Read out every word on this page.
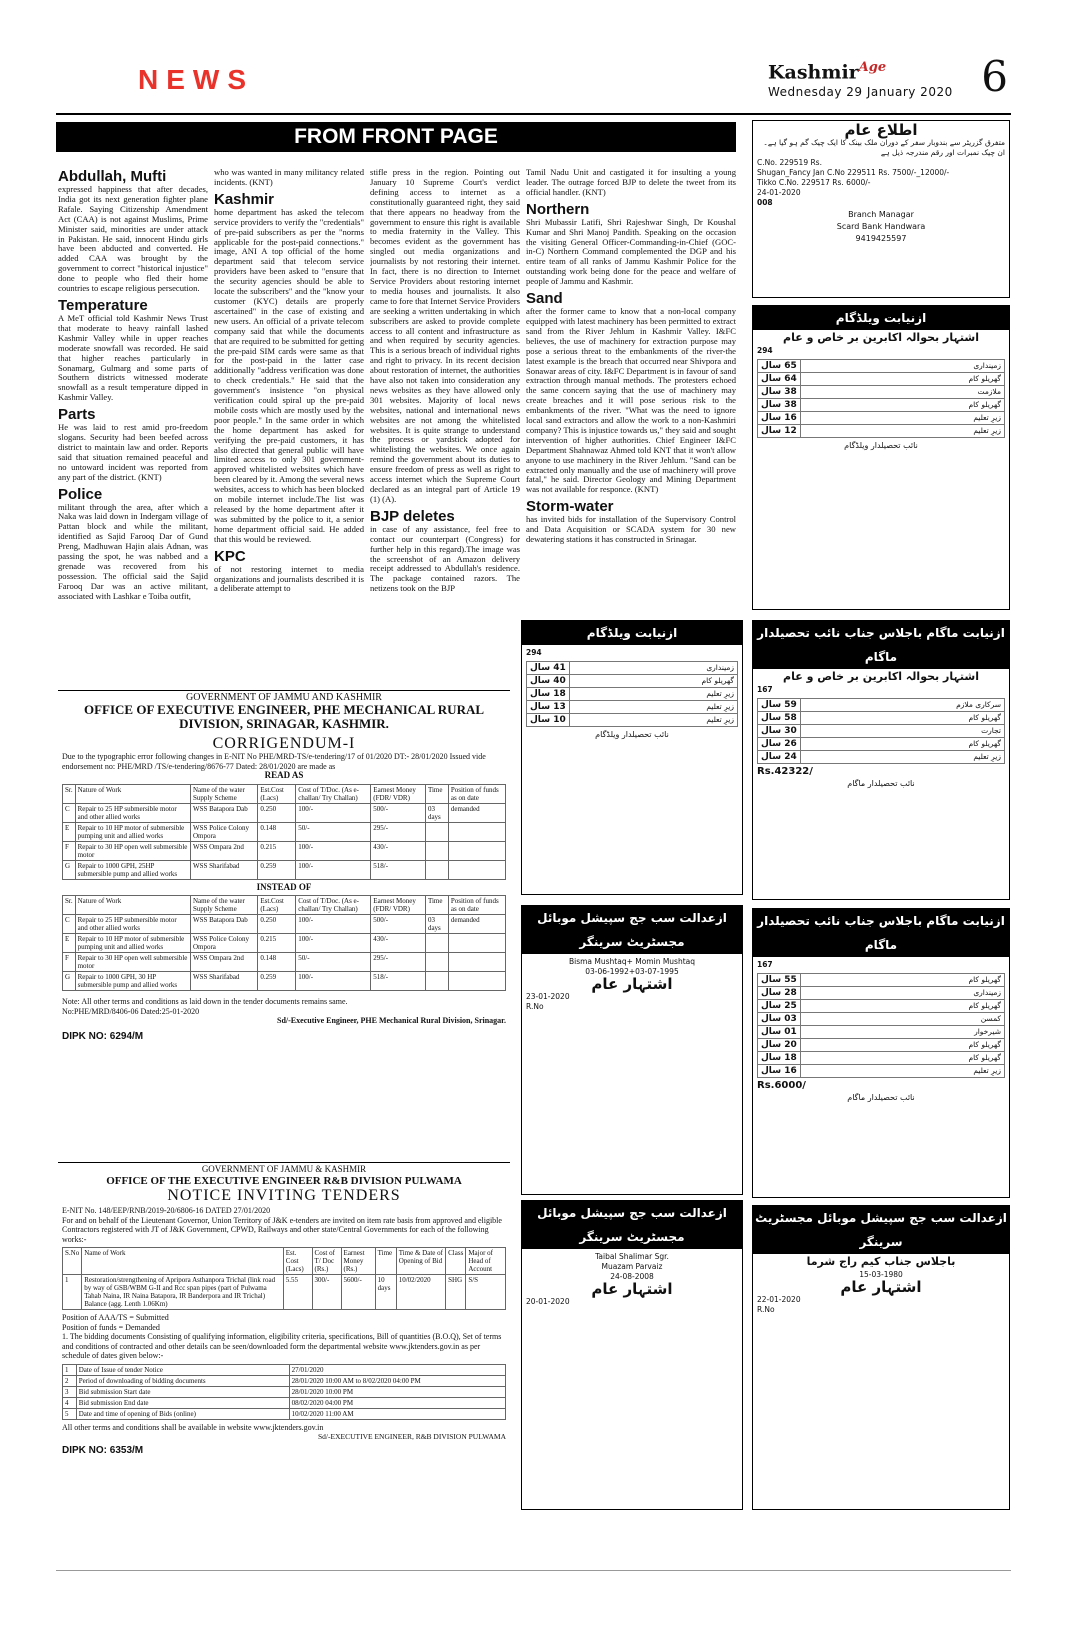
NEWS	Kashmir$^{Age}$
Wednesday 29 January 2020 6
FROM FRONT PAGE
Abdullah, Mufti

expressed happiness that after decades, India got its next generation fighter plane Rafale. Saying Citizenship Amendment Act (CAA) is not against Muslims, Prime Minister said, minorities are under attack in Pakistan. He said, innocent Hindu girls have been abducted and converted. He added CAA was brought by the government to correct "historical injustice" done to people who fled their home countries to escape religious persecution.

Temperature

A MeT official told Kashmir News Trust that moderate to heavy rainfall lashed Kashmir Valley while in upper reaches moderate snowfall was recorded. He said that higher reaches particularly in Sonamarg, Gulmarg and some parts of Southern districts witnessed moderate snowfall as a result temperature dipped in Kashmir Valley.

Parts

He was laid to rest amid pro-freedom slogans. Security had been beefed across district to maintain law and order. Reports said that situation remained peaceful and no untoward incident was reported from any part of the district. (KNT)

Police

militant through the area, after which a Naka was laid down in Indergam village of Pattan block and while the militant, identified as Sajid Farooq Dar of Gund Preng, Madhuwan Hajin alais Adnan, was passing the spot, he was nabbed and a grenade was recovered from his possession. The official said the Sajid Farooq Dar was an active militant, associated with Lashkar e Toiba outfit,

who was wanted in many militancy related incidents. (KNT)

Kashmir

home department has asked the telecom service providers to verify the "credentials" of pre-paid subscribers as per the "norms applicable for the post-paid connections." image, ANI A top official of the home department said that telecom service providers have been asked to "ensure that the security agencies should be able to locate the subscribers" and the "know your customer (KYC) details are properly ascertained" in the case of existing and new users. An official of a private telecom company said that while the documents that are required to be submitted for getting the pre-paid SIM cards were same as that for the post-paid in the latter case additionally "address verification was done to check credentials." He said that the government's insistence "on physical verification could spiral up the pre-paid mobile costs which are mostly used by the poor people." In the same order in which the home department has asked for verifying the pre-paid customers, it has also directed that general public will have limited access to only 301 government-approved whitelisted websites which have been cleared by it. Among the several news websites, access to which has been blocked on mobile internet include.The list was released by the home department after it was submitted by the police to it, a senior home department official said. He added that this would be reviewed.

KPC

of not restoring internet to media organizations and journalists described it is a deliberate attempt to

stifle press in the region. Pointing out January 10 Supreme Court's verdict defining access to internet as a constitutionally guaranteed right, they said that there appears no headway from the government to ensure this right is available to media fraternity in the Valley. This becomes evident as the government has singled out media organizations and journalists by not restoring their internet. In fact, there is no direction to Internet Service Providers about restoring internet to media houses and journalists. It also came to fore that Internet Service Providers are seeking a written undertaking in which subscribers are asked to provide complete access to all content and infrastructure as and when required by security agencies. This is a serious breach of individual rights and right to privacy. In its recent decision about restoration of internet, the authorities have also not taken into consideration any news websites as they have allowed only 301 websites. Majority of local news websites, national and international news websites are not among the whitelisted websites. It is quite strange to understand the process or yardstick adopted for whitelisting the websites. We once again remind the government about its duties to ensure freedom of press as well as right to access internet which the Supreme Court declared as an integral part of Article 19 (1) (A).

BJP deletes

in case of any assistance, feel free to contact our counterpart (Congress) for further help in this regard).The image was the screenshot of an Amazon delivery receipt addressed to Abdullah's residence. The package contained razors. The netizens took on the BJP

Tamil Nadu Unit and castigated it for insulting a young leader. The outrage forced BJP to delete the tweet from its official handler. (KNT)

Northern

Shri Mubassir Latifi, Shri Rajeshwar Singh, Dr Koushal Kumar and Shri Manoj Pandith. Speaking on the occasion the visiting General Officer-Commanding-in-Chief (GOC-in-C) Northern Command complemented the DGP and his entire team of all ranks of Jammu Kashmir Police for the outstanding work being done for the peace and welfare of people of Jammu and Kashmir.

Sand

after the former came to know that a non-local company equipped with latest machinery has been permitted to extract sand from the River Jehlum in Kashmir Valley. I&FC believes, the use of machinery for extraction purpose may pose a serious threat to the embankments of the river-the latest example is the breach that occurred near Shivpora and Sonawar areas of city. I&FC Department is in favour of sand extraction through manual methods. The protesters echoed the same concern saying that the use of machinery may create breaches and it will pose serious risk to the embankments of the river. "What was the need to ignore local sand extractors and allow the work to a non-Kashmiri company? This is injustice towards us," they said and sought intervention of higher authorities. Chief Engineer I&FC Department Shahnawaz Ahmed told KNT that it won't allow anyone to use machinery in the River Jehlum. "Sand can be extracted only manually and the use of machinery will prove fatal," he said. Director Geology and Mining Department was not available for responce. (KNT)

Storm-water

has invited bids for installation of the Supervisory Control and Data Acquisition or SCADA system for 30 new dewatering stations it has constructed in Srinagar.

GOVERNMENT OF JAMMU AND KASHMIR
OFFICE OF EXECUTIVE ENGINEER, PHE MECHANICAL RURAL DIVISION, SRINAGAR, KASHMIR.
CORRIGENDUM-I
Due to the typographic error following changes in E-NIT No PHE/MRD-TS/e-tendering/17 of 01/2020 DT:- 28/01/2020 Issued vide endorsement no: PHE/MRD /TS/e-tendering/8676-77 Dated: 28/01/2020 are made as
READ AS
Sr.	Nature of Work	Name of the water Supply Scheme	Est.Cost (Lacs)	Cost of T/Doc. (As e-challan/ Try Challan)	Earnest Money (FDR/ VDR)	Time	Position of funds as on date
C	Repair to 25 HP submersible motor and other allied works	WSS Batapora Dab	0.250	100/-	500/-	03 days	demanded
E	Repair to 10 HP motor of submersible pumping unit and allied works	WSS Police Colony Ompora	0.148	50/-	295/-		
F	Repair to 30 HP open well submersible motor	WSS Ompara 2nd	0.215	100/-	430/-		
G	Repair to 1000 GPH, 25HP submersible pump and allied works	WSS Sharifabad	0.259	100/-	518/-		
INSTEAD OF
Sr.	Nature of Work	Name of the water Supply Scheme	Est.Cost (Lacs)	Cost of T/Doc. (As e-challan/ Try Challan)	Earnest Money (FDR/ VDR)	Time	Position of funds as on date
C	Repair to 25 HP submersible motor and other allied works	WSS Batapora Dab	0.250	100/-	500/-	03 days	demanded
E	Repair to 10 HP motor of submersible pumping unit and allied works	WSS Police Colony Ompora	0.215	100/-	430/-		
F	Repair to 30 HP open well submersible motor	WSS Ompara 2nd	0.148	50/-	295/-		
G	Repair to 1000 GPH, 30 HP submersible pump and allied works	WSS Sharifabad	0.259	100/-	518/-		
Note: All other terms and conditions as laid down in the tender documents remains same.
No:PHE/MRD/8406-06 Dated:25-01-2020
Sd/-Executive Engineer, PHE Mechanical Rural Division, Srinagar.
DIPK NO: 6294/M
GOVERNMENT OF JAMMU & KASHMIR
OFFICE OF THE EXECUTIVE ENGINEER R&B DIVISION PULWAMA
NOTICE INVITING TENDERS
E-NIT No. 148/EEP/RNB/2019-20/6806-16 DATED 27/01/2020
For and on behalf of the Lieutenant Governor, Union Territory of J&K e-tenders are invited on item rate basis from approved and eligible Contractors registered with JT of J&K Government, CPWD, Railways and other state/Central Governments for each of the following works:-
S.No	Name of Work	Est. Cost (Lacs)	Cost of T/ Doc (Rs.)	Earnest Money (Rs.)	Time	Time & Date of Opening of Bid	Class	Major of Head of Account
1	Restoration/strengthening of Apripora Asthanpora Trichal (link road by way of GSB/WBM G-II and Rcc span pipes (part of Pulwama Tahab Naina, IR Naina Batapora, IR Banderpora and IR Trichal) Balance (agg. Lenth 1.06Km)	5.55	300/-	5600/-	10 days	10/02/2020	SHG	S/S
Position of AAA/TS = Submitted
Position of funds = Demanded
1. The bidding documents Consisting of qualifying information, eligibility criteria, specifications, Bill of quantities (B.O.Q), Set of terms and conditions of contracted and other details can be seen/downloaded form the departmental website www.jktenders.gov.in as per schedule of dates given below:-
1	Date of Issue of tender Notice	27/01/2020
2	Period of downloading of bidding documents	28/01/2020 10:00 AM to 8/02/2020 04:00 PM
3	Bid submission Start date	28/01/2020 10:00 PM
4	Bid submission End date	08/02/2020 04:00 PM
5	Date and time of opening of Bids (online)	10/02/2020 11:00 AM
All other terms and conditions shall be available in website www.jktenders.gov.in
Sd/-EXECUTIVE ENGINEER, R&B DIVISION PULWAMA
DIPK NO: 6353/M
اطلاع عام
متفرق گزریٹر سے بندوبار سفر کے دوران ملک بینک کا ایک چیک گم ہو گیا ہے۔ ان چیک نمبرات اور رقم مندرجہ ذیل ہے
C.No. 229519 Rs.
Shugan_Fancy Jan C.No 229511 Rs. 7500/-_12000/-
Tikko C.No. 229517 Rs. 6000/-
24-01-2020
008
Branch Managar
Scard Bank Handwara
9419425597
ازنیابت ویلڈگام
اشتہار بحوالہ اکابرین بر خاص و عام
294
زمینداری	65 سال
گھریلو کام	64 سال
ملازمت	38 سال
گھریلو کام	38 سال
زیرِ تعلیم	16 سال
زیرِ تعلیم	12 سال
نائب تحصیلدار ویلڈگام
ازنیابت ویلڈگام
294
زمینداری	41 سال
گھریلو کام	40 سال
زیرِ تعلیم	18 سال
زیرِ تعلیم	13 سال
زیرِ تعلیم	10 سال
نائب تحصیلدار ویلڈگام
ازنیابت ماگام باجلاس جناب نائب تحصیلدار ماگام
اشتہار بحوالہ اکابرین بر خاص و عام
167
سرکاری ملازم	59 سال
گھریلو کام	58 سال
تجارت	30 سال
گھریلو کام	26 سال
زیرِ تعلیم	24 سال
Rs.42322/
نائب تحصیلدار ماگام
ازعدالت سب جج سپیشل موبائل مجسٹریٹ سرینگر
Bisma Mushtaq+ Momin Mushtaq
03-06-1992+03-07-1995
اشتہار عام
23-01-2020
R.No
ازنیابت ماگام باجلاس جناب نائب تحصیلدار ماگام
167
گھریلو کام	55 سال
زمینداری	28 سال
گھریلو کام	25 سال
کمسن	03 سال
شیرخوار	01 سال
گھریلو کام	20 سال
گھریلو کام	18 سال
زیرِ تعلیم	16 سال
Rs.6000/
نائب تحصیلدار ماگام
ازعدالت سب جج سپیشل موبائل مجسٹریٹ سرینگر
Taibal Shalimar Sgr.
Muazam Parvaiz
24-08-2008
اشتہار عام
20-01-2020
ازعدالت سب جج سپیشل موبائل مجسٹریٹ سرینگر
باجلاس جناب کیم راج شرما
15-03-1980
اشتہار عام
22-01-2020
R.No
